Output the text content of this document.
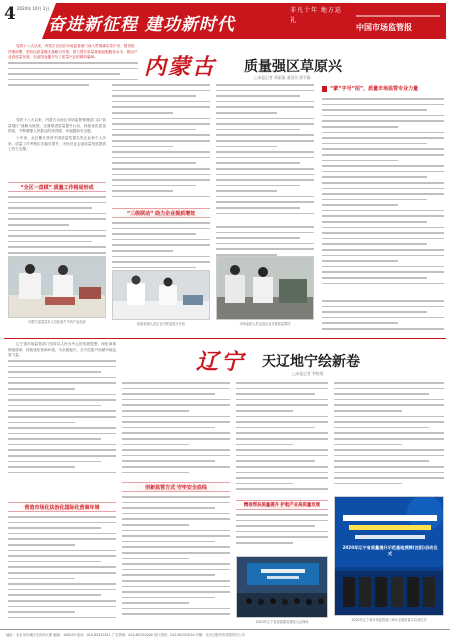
4 2024年 10月 1日
奋进新征程 建功新时代
非凡十年 地方巡礼
中国市场监管报
党的十八大以来，内蒙古自治区市场监管部门深入贯彻落实党中央、国务院决策部署，坚持以质量强区战略为引领，着力提升质量基础设施服务水平，推动产业高质量发展，在祖国北疆书写了质量兴区的精彩篇章。	内蒙古 质量强区草原兴
□本报记者 郑丽丽 通讯员 郭平静
党的十八大以来，内蒙古自治区市场监督管理部门以“质量强区”战略为统领，全面推进质量提升行动，持续优化质量供给，不断增强人民群众的获得感、幸福感和安全感。
十年来，全区累计获得中国质量奖提名奖企业和个人多家，质量工作考核位次稳步提升，为经济社会高质量发展提供了有力支撑。
“全区一盘棋” 质量工作格局形成
“三级联动” 助力企业提质增效
“蒙”字号“招”，质量市场监管专业力量
内蒙古质量技术人员检查牛羊肉产品品质	检验检测人员正在对样品进行分析	市场监管人员走进企业开展质量帮扶
辽宁 天辽地宁绘新卷
□本报记者 李秋菊
辽宁省市场监管部门坚持以人民为中心的发展思想，深化商事制度改革，持续优化营商环境，为全面振兴、全方位振兴贡献市场监管力量。
营造市场化法治化国际化营商环境
创新监管方式 守牢安全底线
精准帮扶质量提升 护航产业高质量发展
2023年辽宁省质量强省建设大会现场
2020年辽宁省质量提升示范基地授牌(沈阳)启动仪式
2020年辽宁省市场监管部门举办全国质量月启动仪式
地址：北京市东城区东四西大街 邮编：100033 电话：010-85252011 广告热线：010-85252000 发行热线：010-85252014 印刷：北京日报印务有限责任公司
